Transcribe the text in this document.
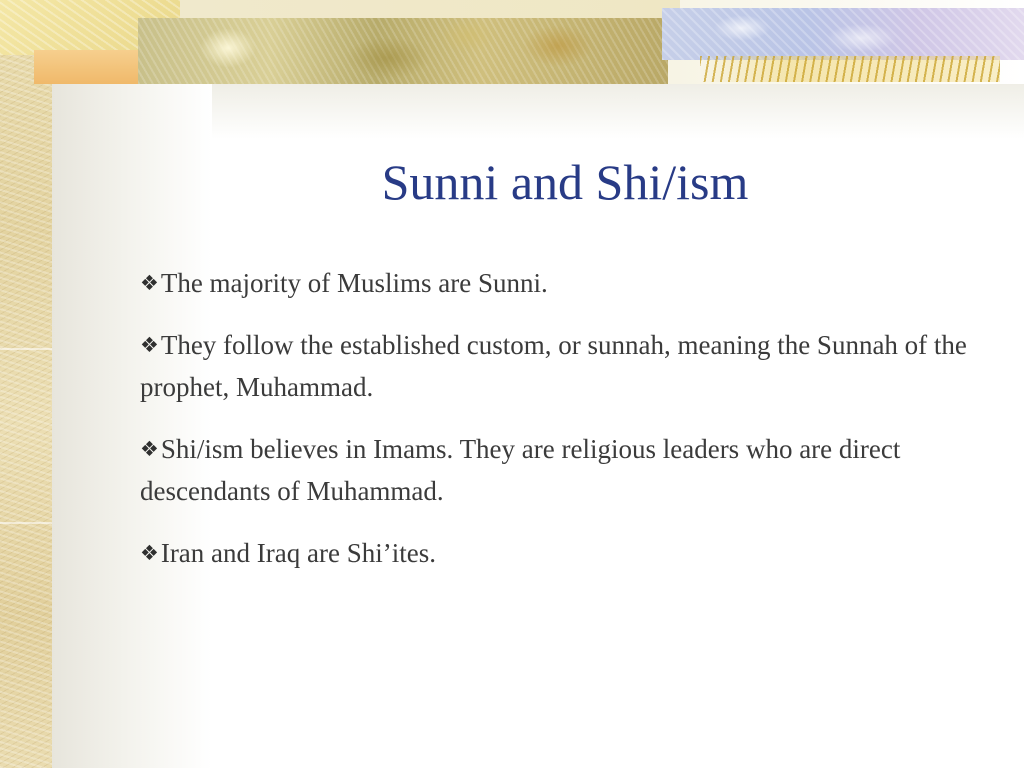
Sunni and Shi/ism
❖The majority of Muslims are Sunni.
❖They follow the established custom, or sunnah, meaning the Sunnah of the prophet, Muhammad.
❖Shi/ism believes in Imams. They are religious leaders who are direct descendants of Muhammad.
❖Iran and Iraq are Shi’ites.
